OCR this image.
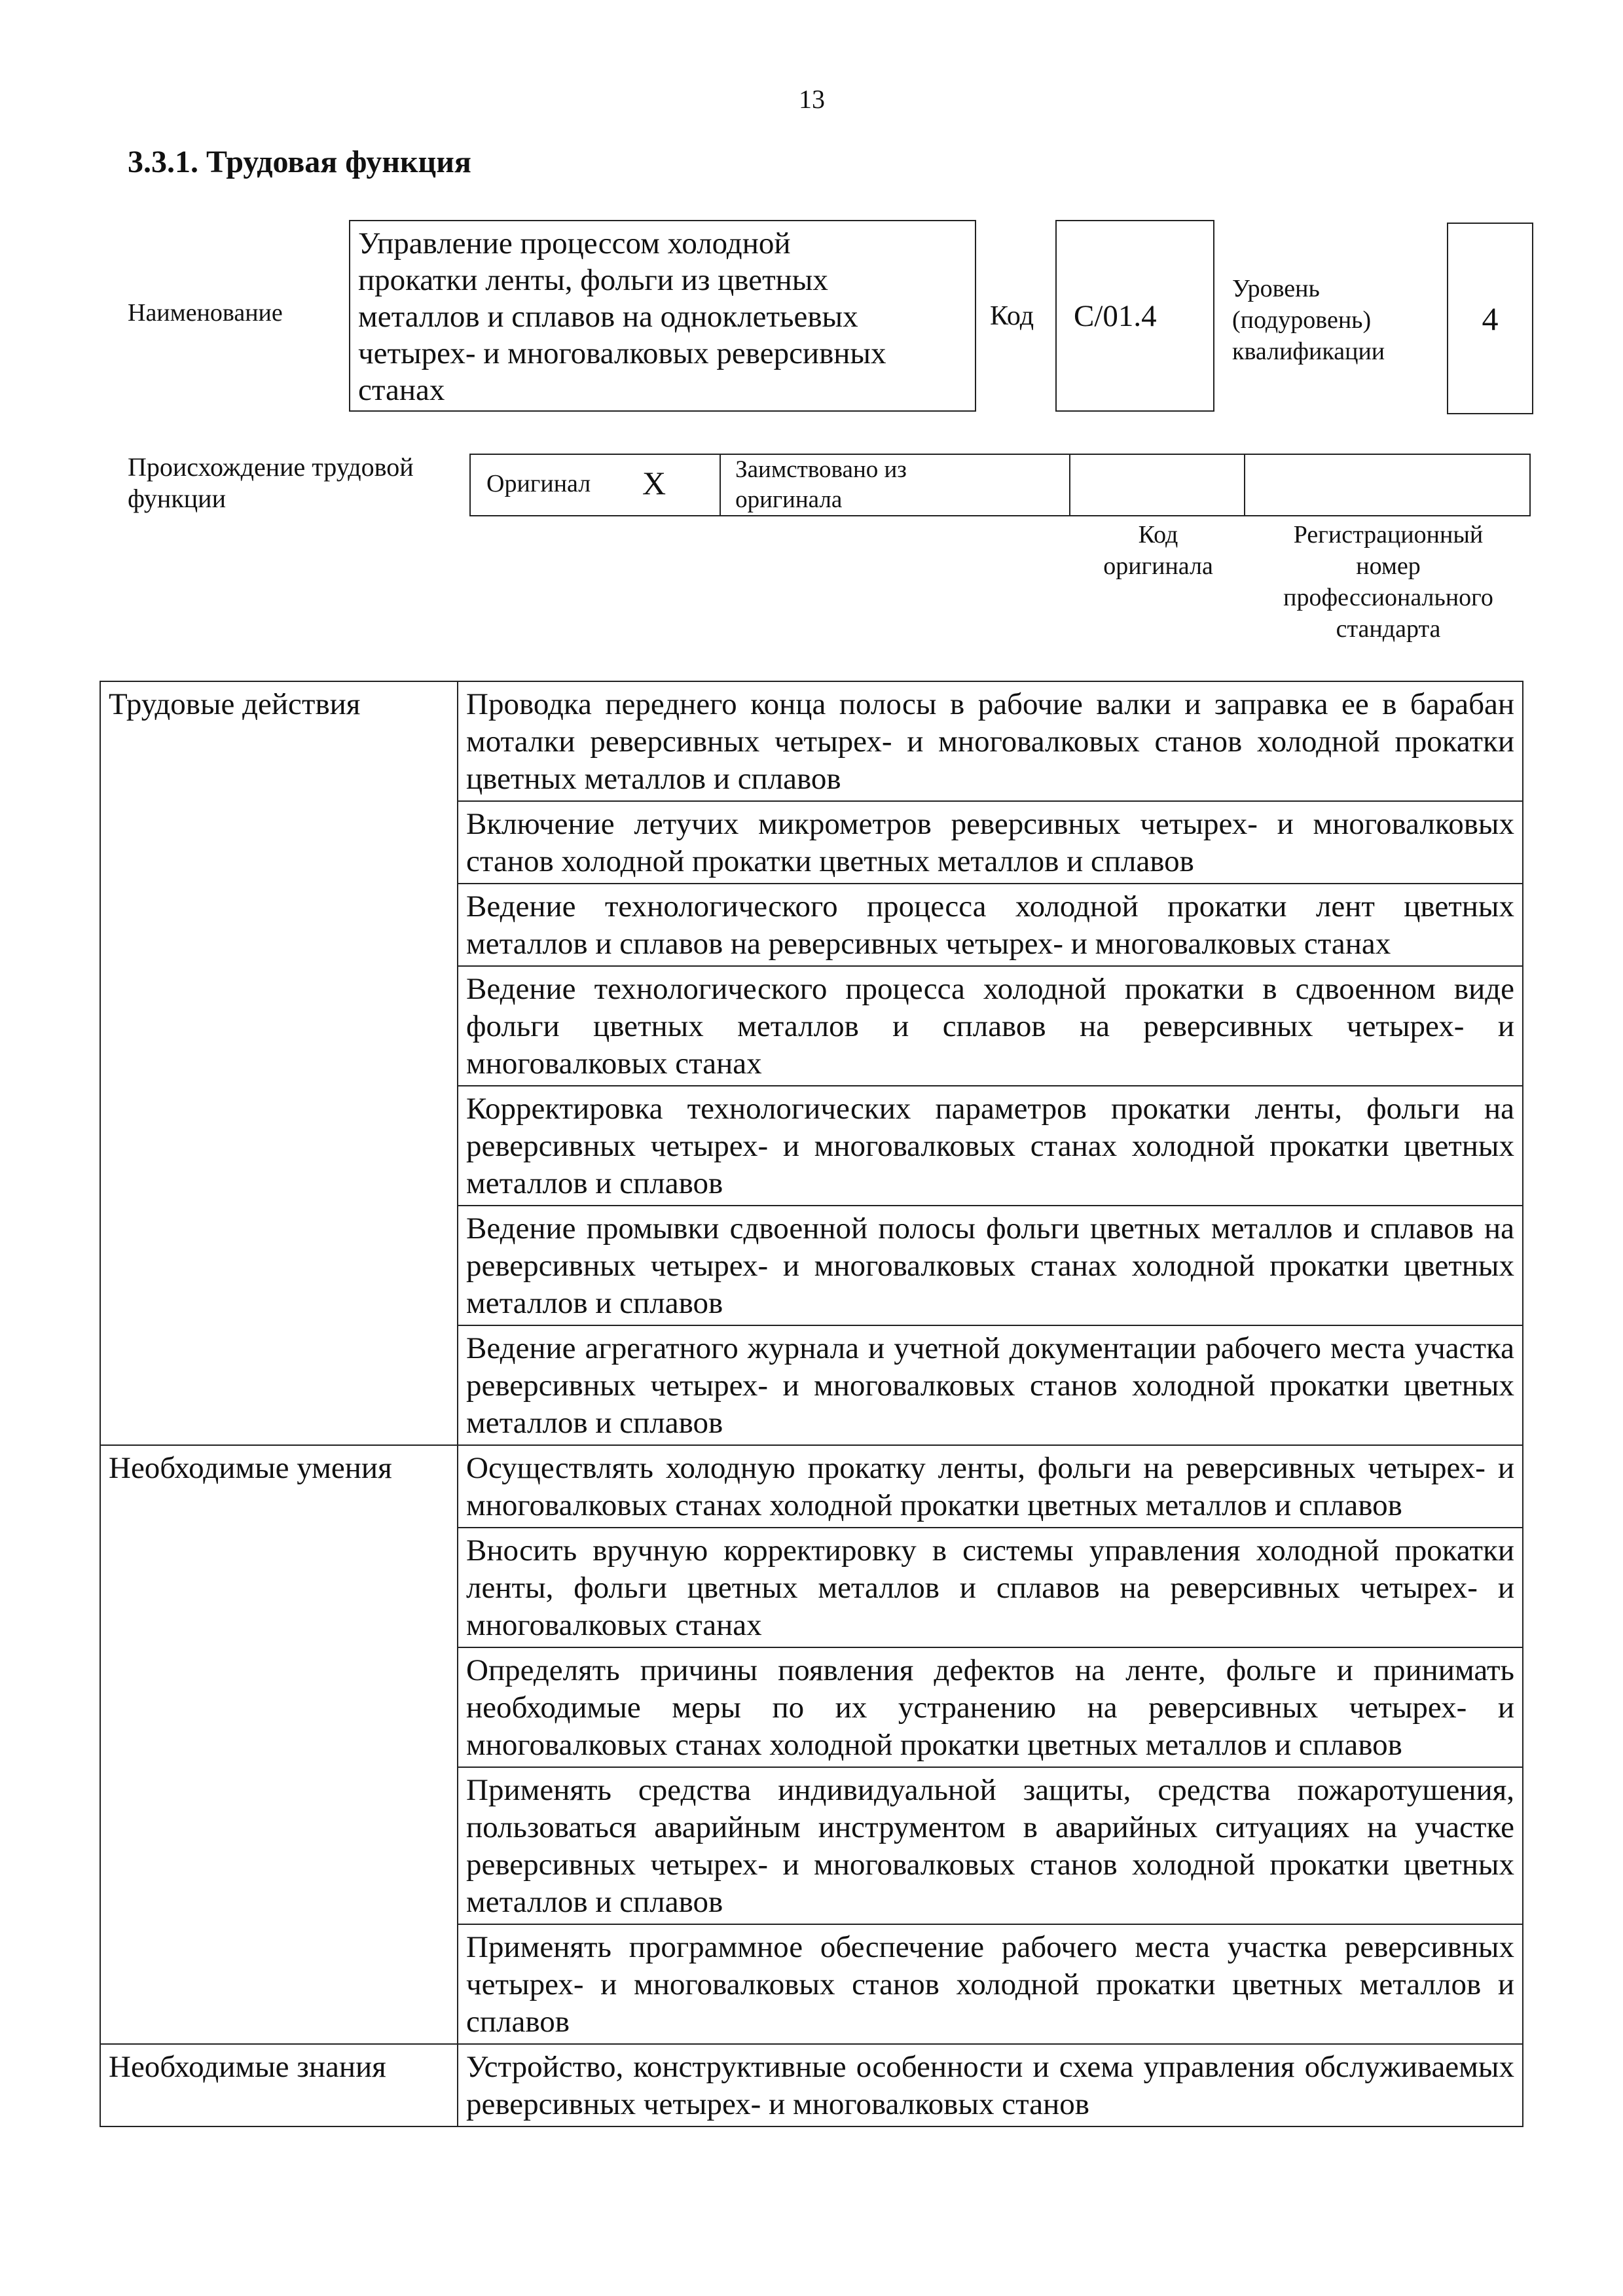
13
3.3.1. Трудовая функция
Наименование
Управление процессом холодной
прокатки ленты, фольги из цветных
металлов и сплавов на одноклетьевых
четырех- и многовалковых реверсивных
станах
Код C/01.4
Уровень
(подуровень)
квалификации
4
Происхождение трудовой
функции	Оригинал X	Заимствовано из
оригинала
Код
оригинала
Регистрационный
номер
профессионального
стандарта
Трудовые действия	Проводка переднего конца полосы в рабочие валки и заправка ее в барабан моталки реверсивных четырех- и многовалковых станов холодной прокатки цветных металлов и сплавов
	Включение летучих микрометров реверсивных четырех- и многовалковых станов холодной прокатки цветных металлов и сплавов
	Ведение технологического процесса холодной прокатки лент цветных металлов и сплавов на реверсивных четырех- и многовалковых станах
	Ведение технологического процесса холодной прокатки в сдвоенном виде фольги цветных металлов и сплавов на реверсивных четырех- и многовалковых станах
	Корректировка технологических параметров прокатки ленты, фольги на реверсивных четырех- и многовалковых станах холодной прокатки цветных металлов и сплавов
	Ведение промывки сдвоенной полосы фольги цветных металлов и сплавов на реверсивных четырех- и многовалковых станах холодной прокатки цветных металлов и сплавов
	Ведение агрегатного журнала и учетной документации рабочего места участка реверсивных четырех- и многовалковых станов холодной прокатки цветных металлов и сплавов
Необходимые умения	Осуществлять холодную прокатку ленты, фольги на реверсивных четырех- и многовалковых станах холодной прокатки цветных металлов и сплавов
	Вносить вручную корректировку в системы управления холодной прокатки ленты, фольги цветных металлов и сплавов на реверсивных четырех- и многовалковых станах
	Определять причины появления дефектов на ленте, фольге и принимать необходимые меры по их устранению на реверсивных четырех- и многовалковых станах холодной прокатки цветных металлов и сплавов
	Применять средства индивидуальной защиты, средства пожаротушения, пользоваться аварийным инструментом в аварийных ситуациях на участке реверсивных четырех- и многовалковых станов холодной прокатки цветных металлов и сплавов
	Применять программное обеспечение рабочего места участка реверсивных четырех- и многовалковых станов холодной прокатки цветных металлов и сплавов
Необходимые знания	Устройство, конструктивные особенности и схема управления обслуживаемых реверсивных четырех- и многовалковых станов
